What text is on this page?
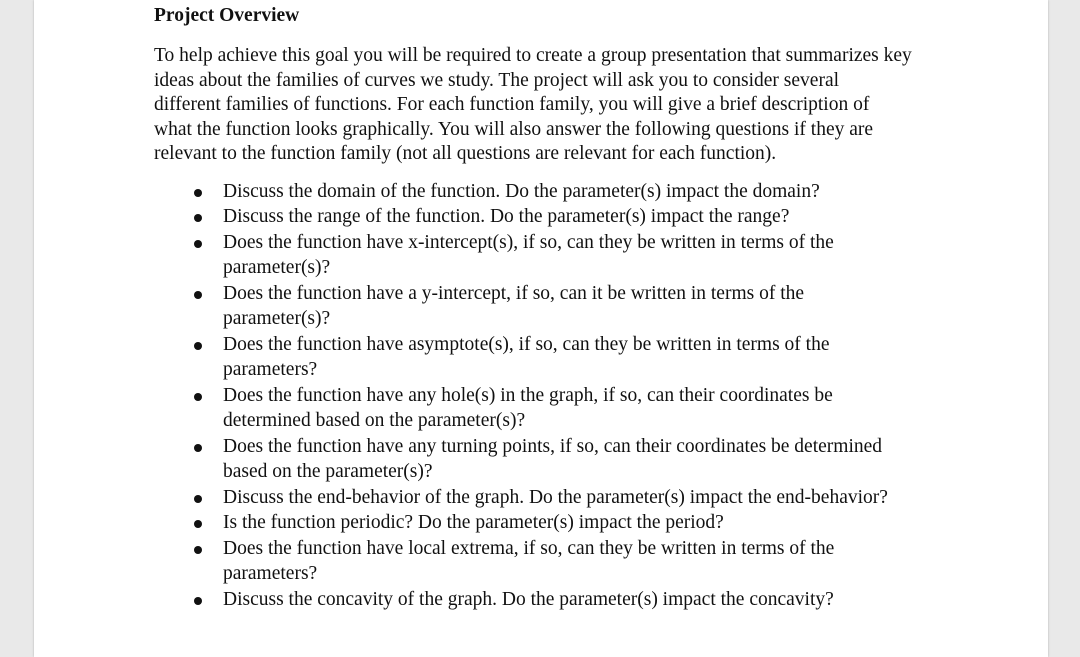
Project Overview
To help achieve this goal you will be required to create a group presentation that summarizes key
ideas about the families of curves we study. The project will ask you to consider several
different families of functions. For each function family, you will give a brief description of
what the function looks graphically. You will also answer the following questions if they are
relevant to the function family (not all questions are relevant for each function).
Discuss the domain of the function. Do the parameter(s) impact the domain?
Discuss the range of the function. Do the parameter(s) impact the range?
Does the function have x-intercept(s), if so, can they be written in terms of the
parameter(s)?
Does the function have a y-intercept, if so, can it be written in terms of the
parameter(s)?
Does the function have asymptote(s), if so, can they be written in terms of the
parameters?
Does the function have any hole(s) in the graph, if so, can their coordinates be
determined based on the parameter(s)?
Does the function have any turning points, if so, can their coordinates be determined
based on the parameter(s)?
Discuss the end-behavior of the graph. Do the parameter(s) impact the end-behavior?
Is the function periodic? Do the parameter(s) impact the period?
Does the function have local extrema, if so, can they be written in terms of the
parameters?
Discuss the concavity of the graph. Do the parameter(s) impact the concavity?
